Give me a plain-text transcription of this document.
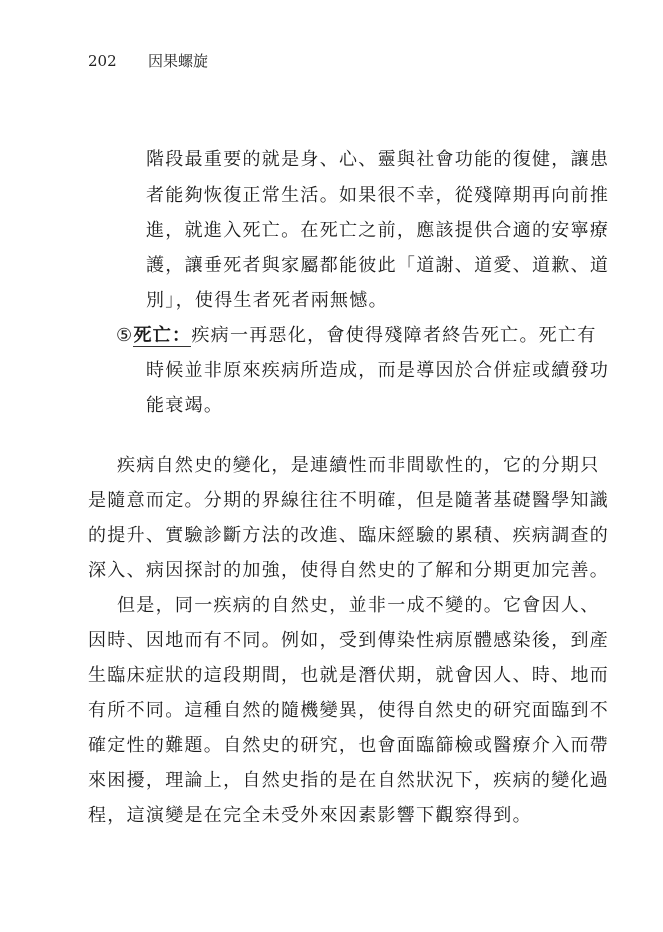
202 因果螺旋
階段最重要的就是身、心、靈與社會功能的復健，讓患
者能夠恢復正常生活。如果很不幸，從殘障期再向前推
進，就進入死亡。在死亡之前，應該提供合適的安寧療
護，讓垂死者與家屬都能彼此「道謝、道愛、道歉、道
別」，使得生者死者兩無憾。
⑤死亡：疾病一再惡化，會使得殘障者終告死亡。死亡有
時候並非原來疾病所造成，而是導因於合併症或續發功
能衰竭。
疾病自然史的變化，是連續性而非間歇性的，它的分期只
是隨意而定。分期的界線往往不明確，但是隨著基礎醫學知識
的提升、實驗診斷方法的改進、臨床經驗的累積、疾病調查的
深入、病因探討的加強，使得自然史的了解和分期更加完善。
但是，同一疾病的自然史，並非一成不變的。它會因人、
因時、因地而有不同。例如，受到傳染性病原體感染後，到產
生臨床症狀的這段期間，也就是潛伏期，就會因人、時、地而
有所不同。這種自然的隨機變異，使得自然史的研究面臨到不
確定性的難題。自然史的研究，也會面臨篩檢或醫療介入而帶
來困擾，理論上，自然史指的是在自然狀況下，疾病的變化過
程，這演變是在完全未受外來因素影響下觀察得到。
